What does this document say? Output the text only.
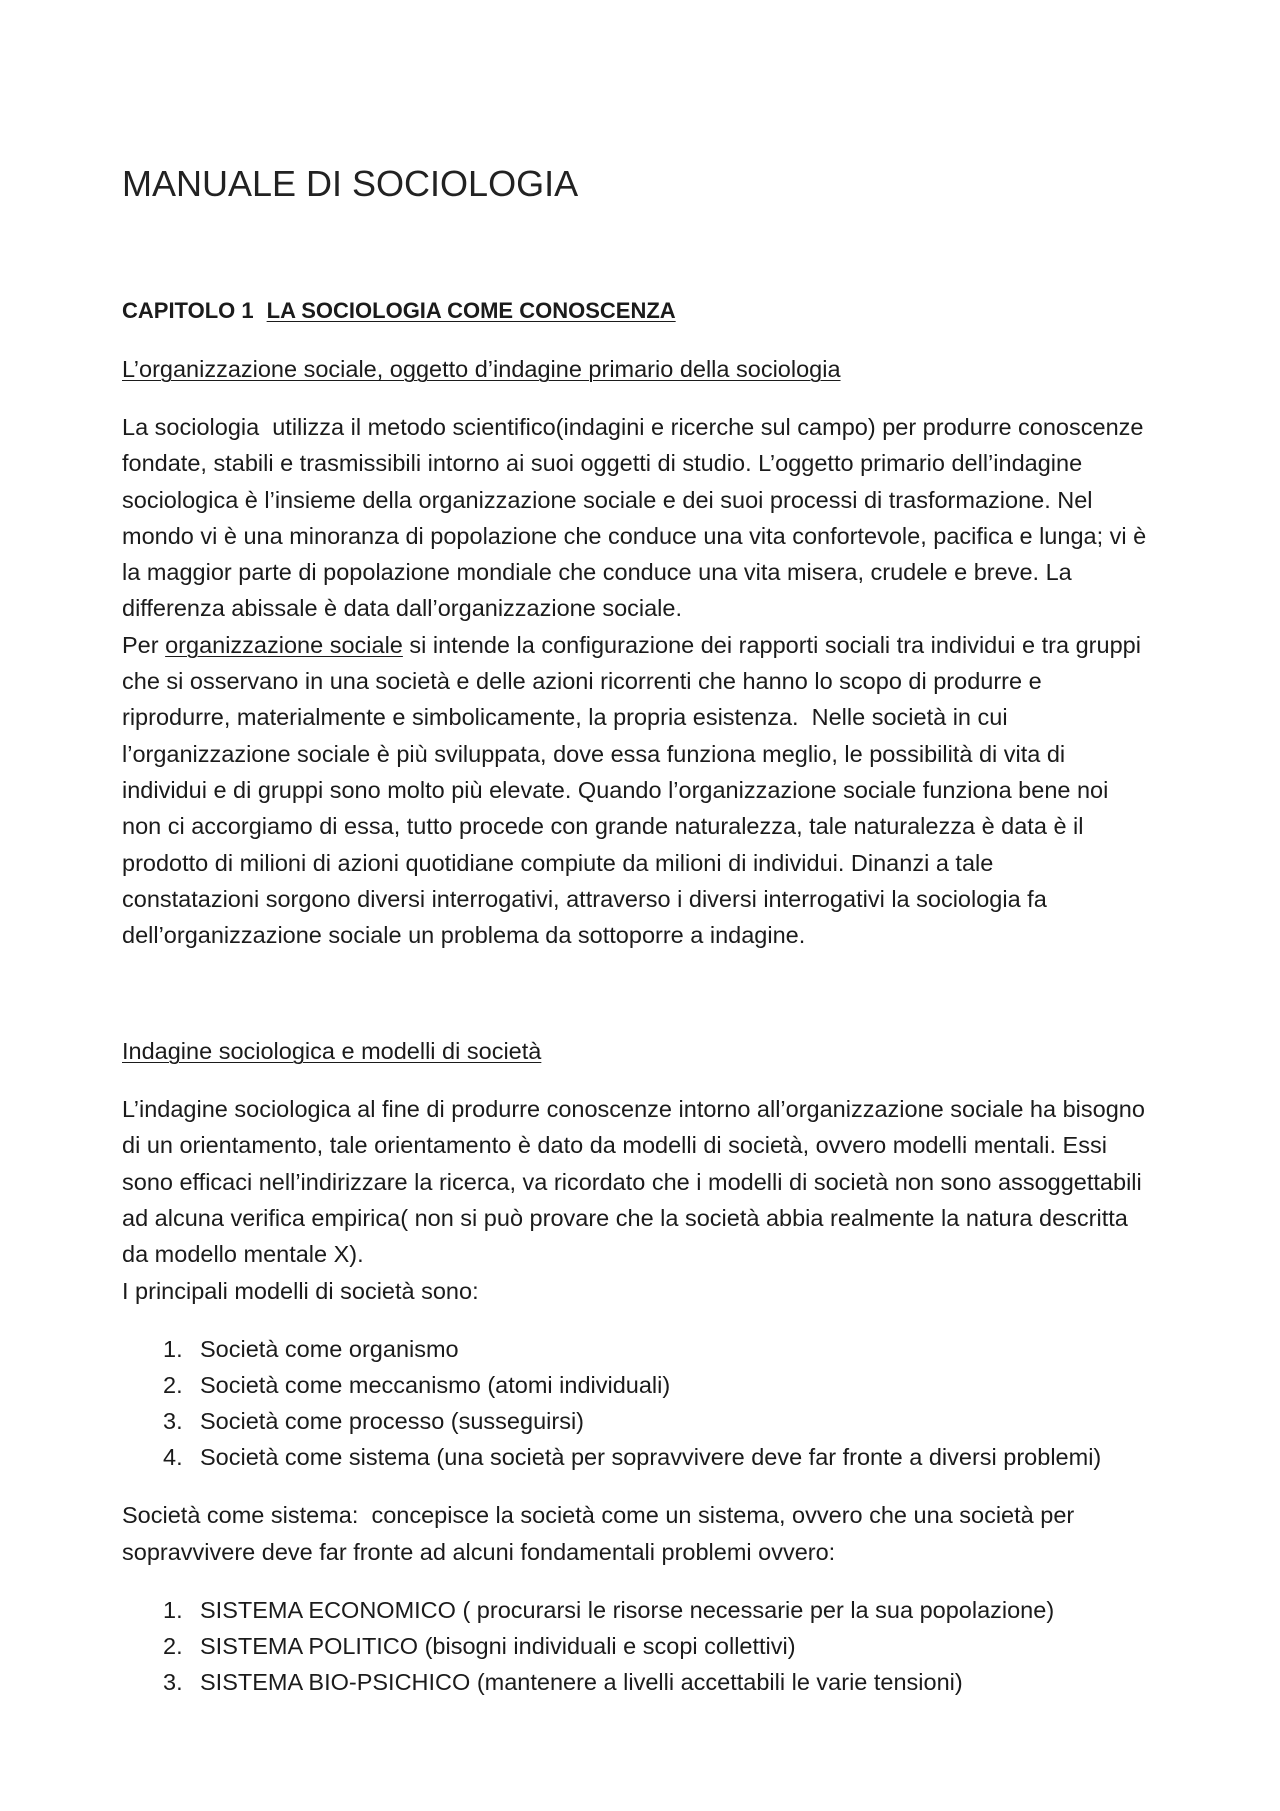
MANUALE DI SOCIOLOGIA
CAPITOLO 1 LA SOCIOLOGIA COME CONOSCENZA
L’organizzazione sociale, oggetto d’indagine primario della sociologia
La sociologia  utilizza il metodo scientifico(indagini e ricerche sul campo) per produrre conoscenze
fondate, stabili e trasmissibili intorno ai suoi oggetti di studio. L’oggetto primario dell’indagine
sociologica è l’insieme della organizzazione sociale e dei suoi processi di trasformazione. Nel
mondo vi è una minoranza di popolazione che conduce una vita confortevole, pacifica e lunga; vi è
la maggior parte di popolazione mondiale che conduce una vita misera, crudele e breve. La
differenza abissale è data dall’organizzazione sociale.
Per organizzazione sociale si intende la configurazione dei rapporti sociali tra individui e tra gruppi
che si osservano in una società e delle azioni ricorrenti che hanno lo scopo di produrre e
riprodurre, materialmente e simbolicamente, la propria esistenza.  Nelle società in cui
l’organizzazione sociale è più sviluppata, dove essa funziona meglio, le possibilità di vita di
individui e di gruppi sono molto più elevate. Quando l’organizzazione sociale funziona bene noi
non ci accorgiamo di essa, tutto procede con grande naturalezza, tale naturalezza è data è il
prodotto di milioni di azioni quotidiane compiute da milioni di individui. Dinanzi a tale
constatazioni sorgono diversi interrogativi, attraverso i diversi interrogativi la sociologia fa
dell’organizzazione sociale un problema da sottoporre a indagine.
Indagine sociologica e modelli di società
L’indagine sociologica al fine di produrre conoscenze intorno all’organizzazione sociale ha bisogno
di un orientamento, tale orientamento è dato da modelli di società, ovvero modelli mentali. Essi
sono efficaci nell’indirizzare la ricerca, va ricordato che i modelli di società non sono assoggettabili
ad alcuna verifica empirica( non si può provare che la società abbia realmente la natura descritta
da modello mentale X).
I principali modelli di società sono:
1. Società come organismo
2. Società come meccanismo (atomi individuali)
3. Società come processo (susseguirsi)
4. Società come sistema (una società per sopravvivere deve far fronte a diversi problemi)
Società come sistema:  concepisce la società come un sistema, ovvero che una società per
sopravvivere deve far fronte ad alcuni fondamentali problemi ovvero:
1. SISTEMA ECONOMICO ( procurarsi le risorse necessarie per la sua popolazione)
2. SISTEMA POLITICO (bisogni individuali e scopi collettivi)
3. SISTEMA BIO-PSICHICO (mantenere a livelli accettabili le varie tensioni)
